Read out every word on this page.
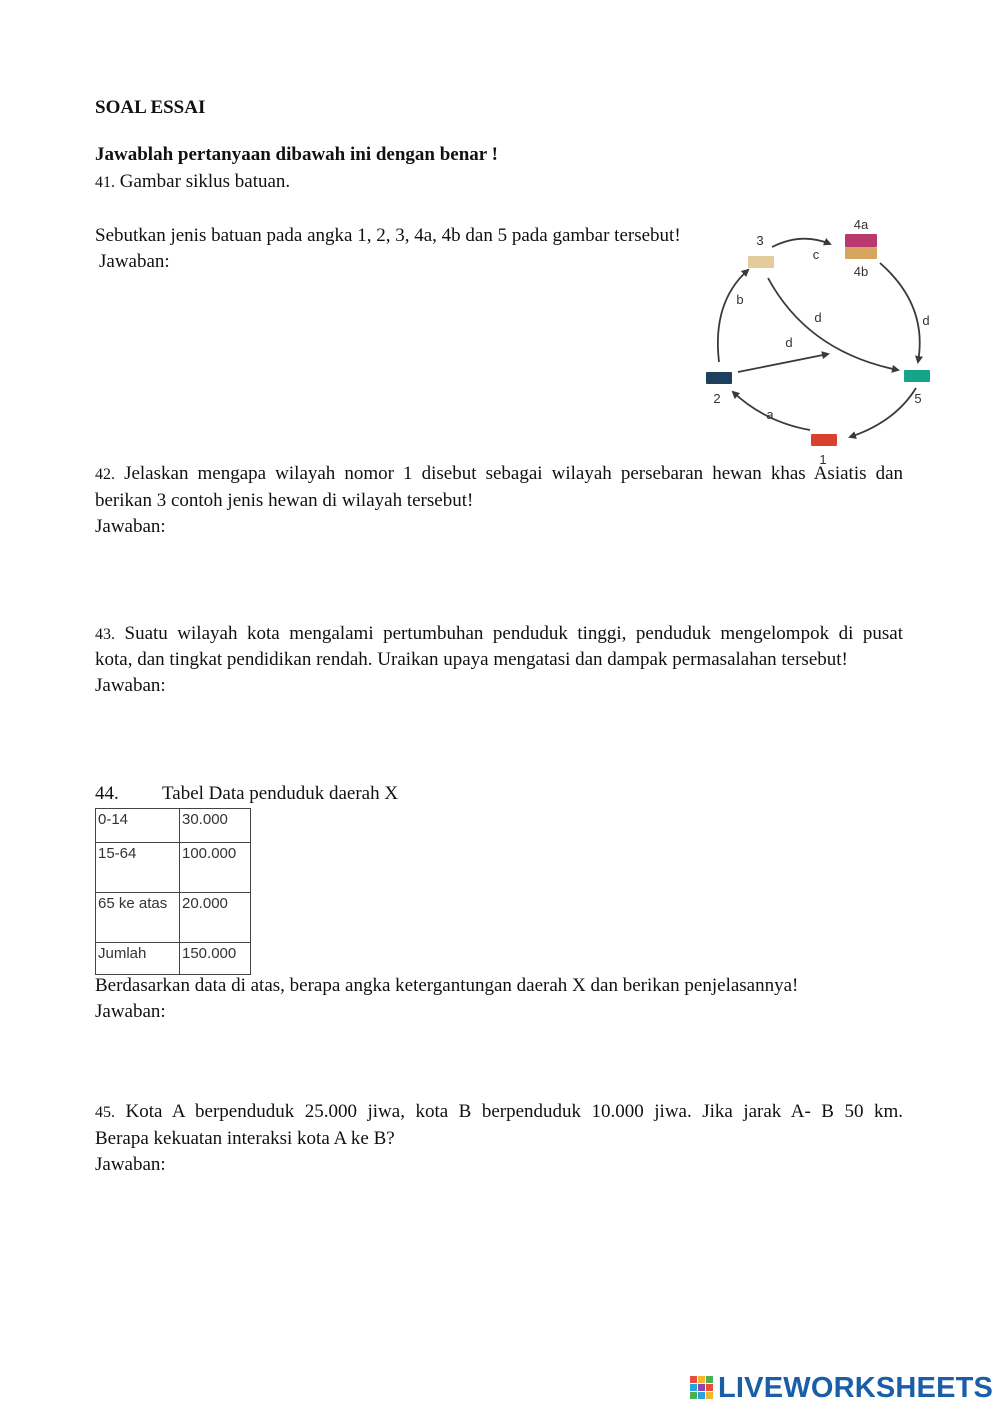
SOAL ESSAI
Jawablah pertanyaan dibawah ini dengan benar !
41. Gambar siklus batuan.
Sebutkan jenis batuan pada angka 1, 2, 3, 4a, 4b dan 5 pada gambar tersebut!
Jawaban:
3
4a
4b
2	5
1
a
b
c
d	d
d
42. Jelaskan mengapa wilayah nomor 1 disebut sebagai wilayah persebaran hewan khas Asiatis dan
berikan 3 contoh jenis hewan di wilayah tersebut!
Jawaban:
43. Suatu wilayah kota mengalami pertumbuhan penduduk tinggi, penduduk mengelompok di pusat
kota, dan tingkat pendidikan rendah. Uraikan upaya mengatasi dan dampak permasalahan tersebut!
Jawaban:
44. Tabel Data penduduk daerah X
0-14	30.000
15-64	100.000
65 ke atas	20.000
Jumlah	150.000
Berdasarkan data di atas, berapa angka ketergantungan daerah X dan berikan penjelasannya!
Jawaban:
45. Kota A berpenduduk 25.000 jiwa, kota B berpenduduk 10.000 jiwa. Jika jarak A- B 50 km.
Berapa kekuatan interaksi kota A ke B?
Jawaban:
LIVEWORKSHEETS
